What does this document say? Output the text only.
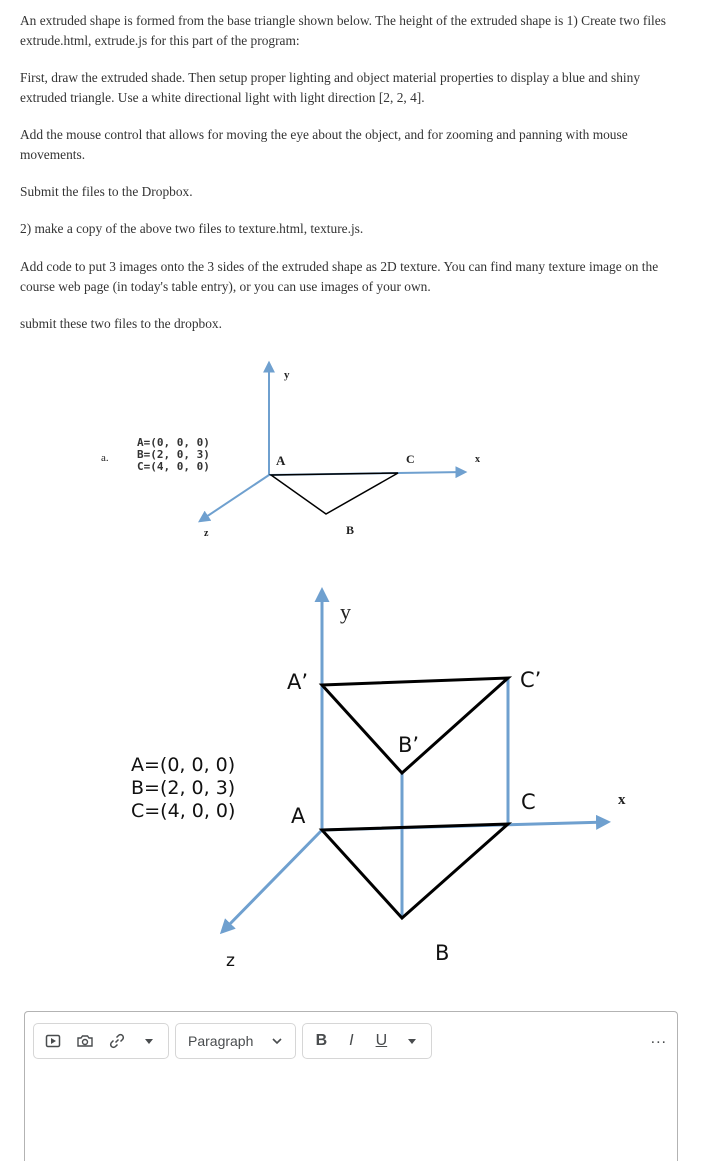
An extruded shape is formed from the base triangle shown below. The height of the extruded shape is 1) Create two files extrude.html, extrude.js for this part of the program:

First, draw the extruded shade. Then setup proper lighting and object material properties to display a blue and shiny extruded triangle. Use a white directional light with light direction [2, 2, 4].

Add the mouse control that allows for moving the eye about the object, and for zooming and panning with mouse movements.

Submit the files to the Dropbox.

2) make a copy of the above two files to texture.html, texture.js.

Add code to put 3 images onto the 3 sides of the extruded shape as 2D texture. You can find many texture image on the course web page (in today's table entry), or you can use images of your own.

submit these two files to the dropbox.

y
x
z
A	C
B
a.
A=(0, 0, 0)
B=(2, 0, 3)
C=(4, 0, 0)
y
x
z
A’
B’
C’
A
C
B
A=(0, 0, 0)
B=(2, 0, 3)
C=(4, 0, 0)
Paragraph	B	I	U	...
